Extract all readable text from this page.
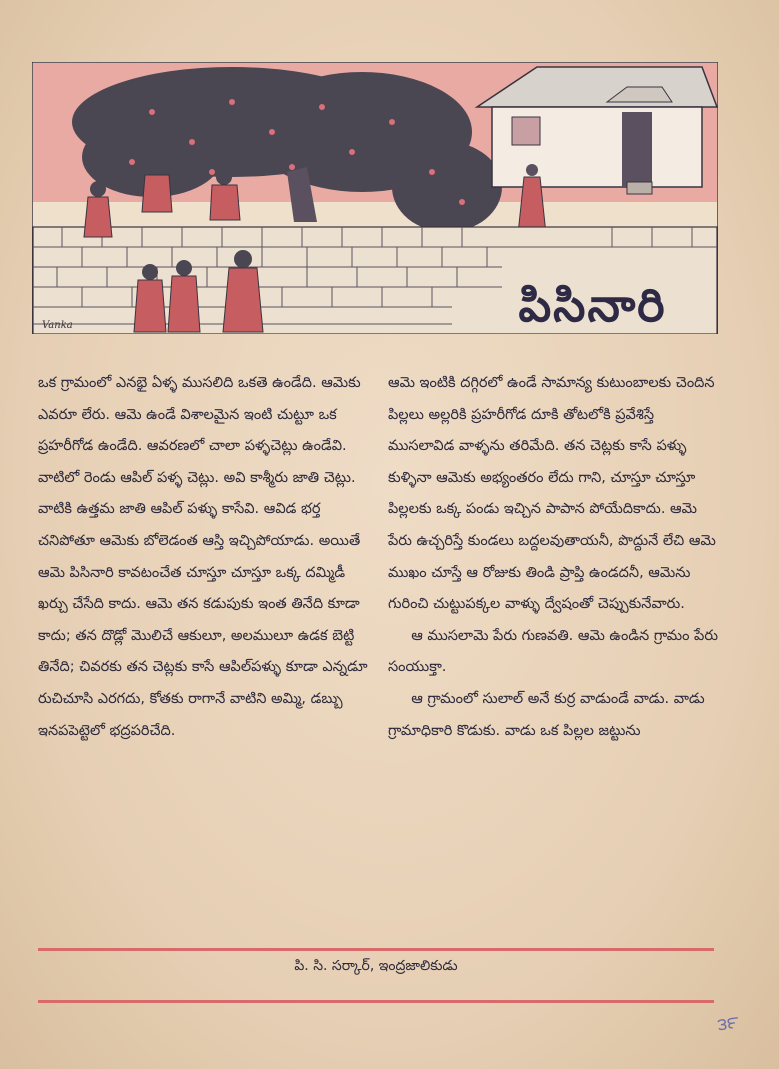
Vanka	పిసినారి

ఒక గ్రామంలో ఎనభై ఏళ్ళ ముసలిది ఒకతె ఉండేది. ఆమెకు ఎవరూ లేరు. ఆమె ఉండే విశాలమైన ఇంటి చుట్టూ ఒక ప్రహరీగోడ ఉండేది. ఆవరణలో చాలా పళ్ళచెట్లు ఉండేవి. వాటిలో రెండు ఆపిల్ పళ్ళ చెట్లు. అవి కాశ్మీరు జాతి చెట్లు. వాటికి ఉత్తమ జాతి ఆపిల్ పళ్ళు కాసేవి. ఆవిడ భర్త చనిపోతూ ఆమెకు బోలెడంత ఆస్తి ఇచ్చిపోయాడు. అయితే ఆమె పిసినారి కావటంచేత చూస్తూ చూస్తూ ఒక్క దమ్మిడీ ఖర్చు చేసేది కాదు. ఆమె తన కడుపుకు ఇంత తినేది కూడా కాదు; తన దొడ్లో మొలిచే ఆకులూ, అలములూ ఉడక బెట్టి తినేది; చివరకు తన చెట్లకు కాసే ఆపిల్‌పళ్ళు కూడా ఎన్నడూ రుచిచూసి ఎరగదు, కోతకు రాగానే వాటిని అమ్మి, డబ్బు ఇనపపెట్టెలో భద్రపరిచేది.

ఆమె ఇంటికి దగ్గిరలో ఉండే సామాన్య కుటుంబాలకు చెందిన పిల్లలు అల్లరికి ప్రహరీగోడ దూకి తోటలోకి ప్రవేశిస్తే ముసలావిడ వాళ్ళను తరిమేది. తన చెట్లకు కాసే పళ్ళు కుళ్ళినా ఆమెకు అభ్యంతరం లేదు గాని, చూస్తూ చూస్తూ పిల్లలకు ఒక్క పండు ఇచ్చిన పాపాన పోయేదికాదు. ఆమె పేరు ఉచ్చరిస్తే కుండలు బద్దలవుతాయనీ, పొద్దునే లేచి ఆమె ముఖం చూస్తే ఆ రోజుకు తిండి ప్రాప్తి ఉండదనీ, ఆమెను గురించి చుట్టుపక్కల వాళ్ళు ద్వేషంతో చెప్పుకునేవారు.

ఆ ముసలామె పేరు గుణవతి. ఆమె ఉండిన గ్రామం పేరు సంయుక్తా.

ఆ గ్రామంలో సులాల్ అనే కుర్ర వాడుండే వాడు. వాడు గ్రామాధికారి కొడుకు. వాడు ఒక పిల్లల జట్టును

పి. సి. సర్కార్, ఇంద్రజాలికుడు
౩౯
